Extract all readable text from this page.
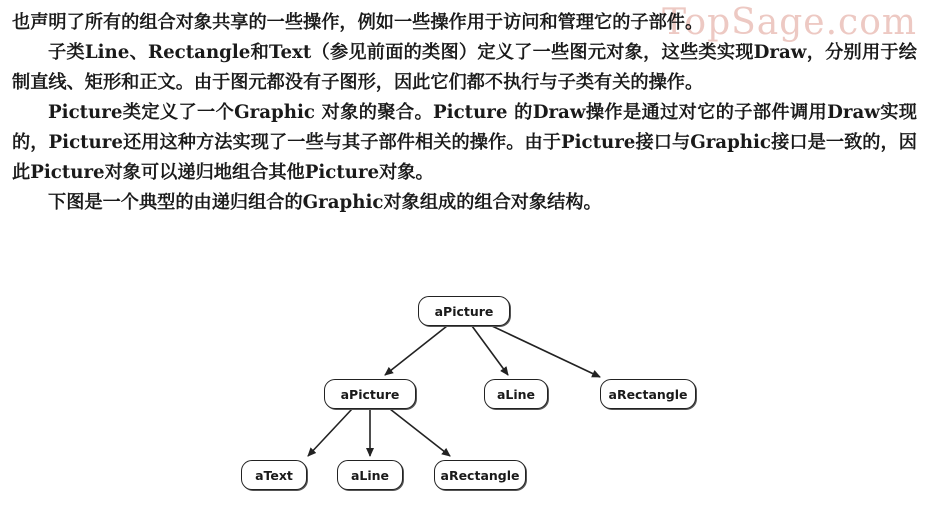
TopSage.com

也声明了所有的组合对象共享的一些操作，例如一些操作用于访问和管理它的子部件。

子类Line、Rectangle和Text（参见前面的类图）定义了一些图元对象，这些类实现Draw，分别用于绘制直线、矩形和正文。由于图元都没有子图形，因此它们都不执行与子类有关的操作。

Picture类定义了一个Graphic 对象的聚合。Picture 的Draw操作是通过对它的子部件调用Draw实现的，Picture还用这种方法实现了一些与其子部件相关的操作。由于Picture接口与Graphic接口是一致的，因此Picture对象可以递归地组合其他Picture对象。

下图是一个典型的由递归组合的Graphic对象组成的组合对象结构。

aPicture
aPicture	aLine	aRectangle
aText	aLine	aRectangle
